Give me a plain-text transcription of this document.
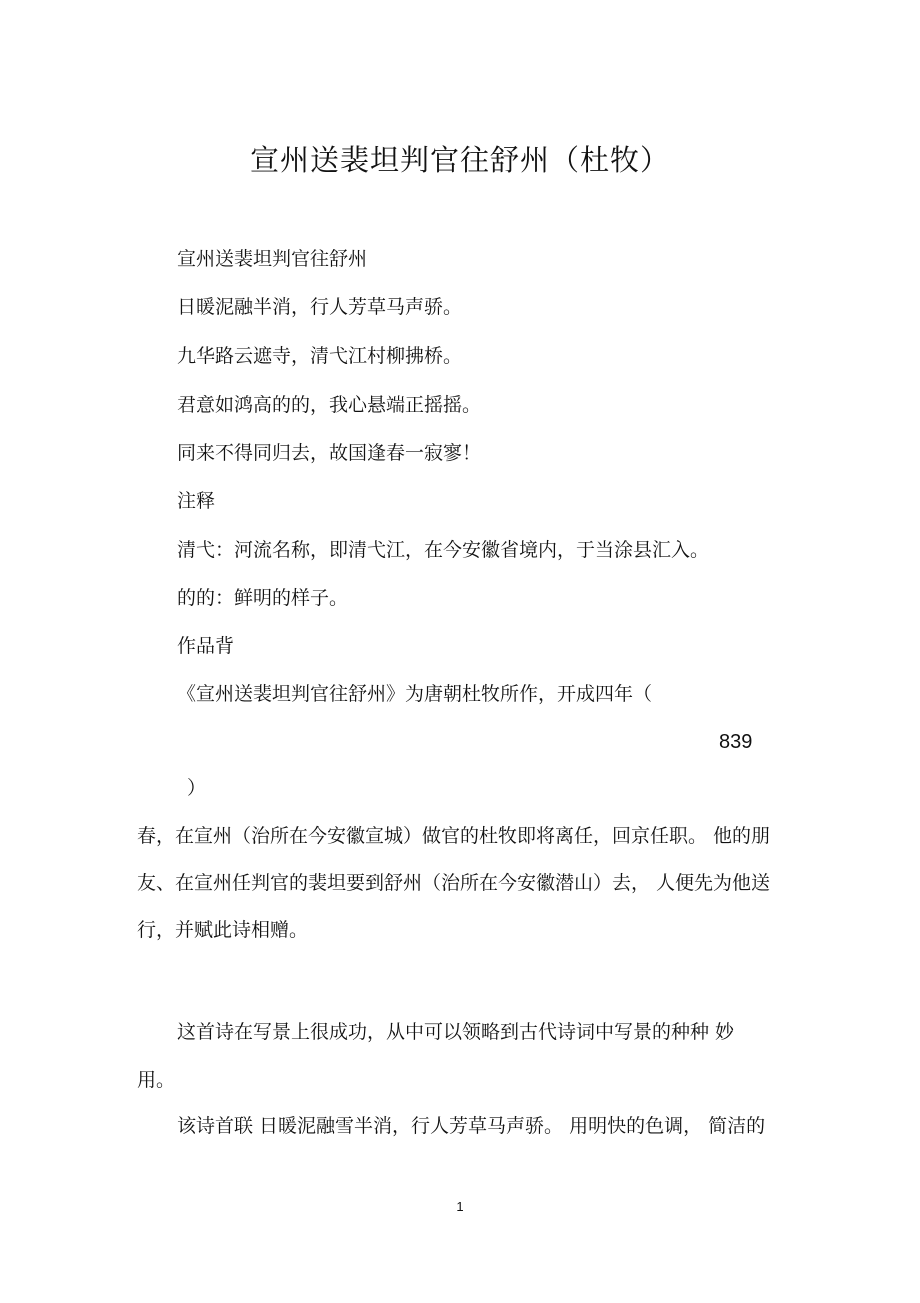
宣州送裴坦判官往舒州（杜牧）
宣州送裴坦判官往舒州
日暖泥融半消，行人芳草马声骄。
九华路云遮寺，清弋江村柳拂桥。
君意如鸿高的的，我心悬端正摇摇。
同来不得同归去，故国逢春一寂寥！
注释
清弋：河流名称，即清弋江，在今安徽省境内，于当涂县汇入。
的的：鲜明的样子。
作品背
《宣州送裴坦判官往舒州》为唐朝杜牧所作，开成四年（
839
）
春，在宣州（治所在今安徽宣城）做官的杜牧即将离任，回京任职。 他的朋
友、在宣州任判官的裴坦要到舒州（治所在今安徽潜山）去， 人便先为他送
行，并赋此诗相赠。
这首诗在写景上很成功，从中可以领略到古代诗词中写景的种种 妙
用。
该诗首联 日暖泥融雪半消，行人芳草马声骄。 用明快的色调， 简洁的
1
